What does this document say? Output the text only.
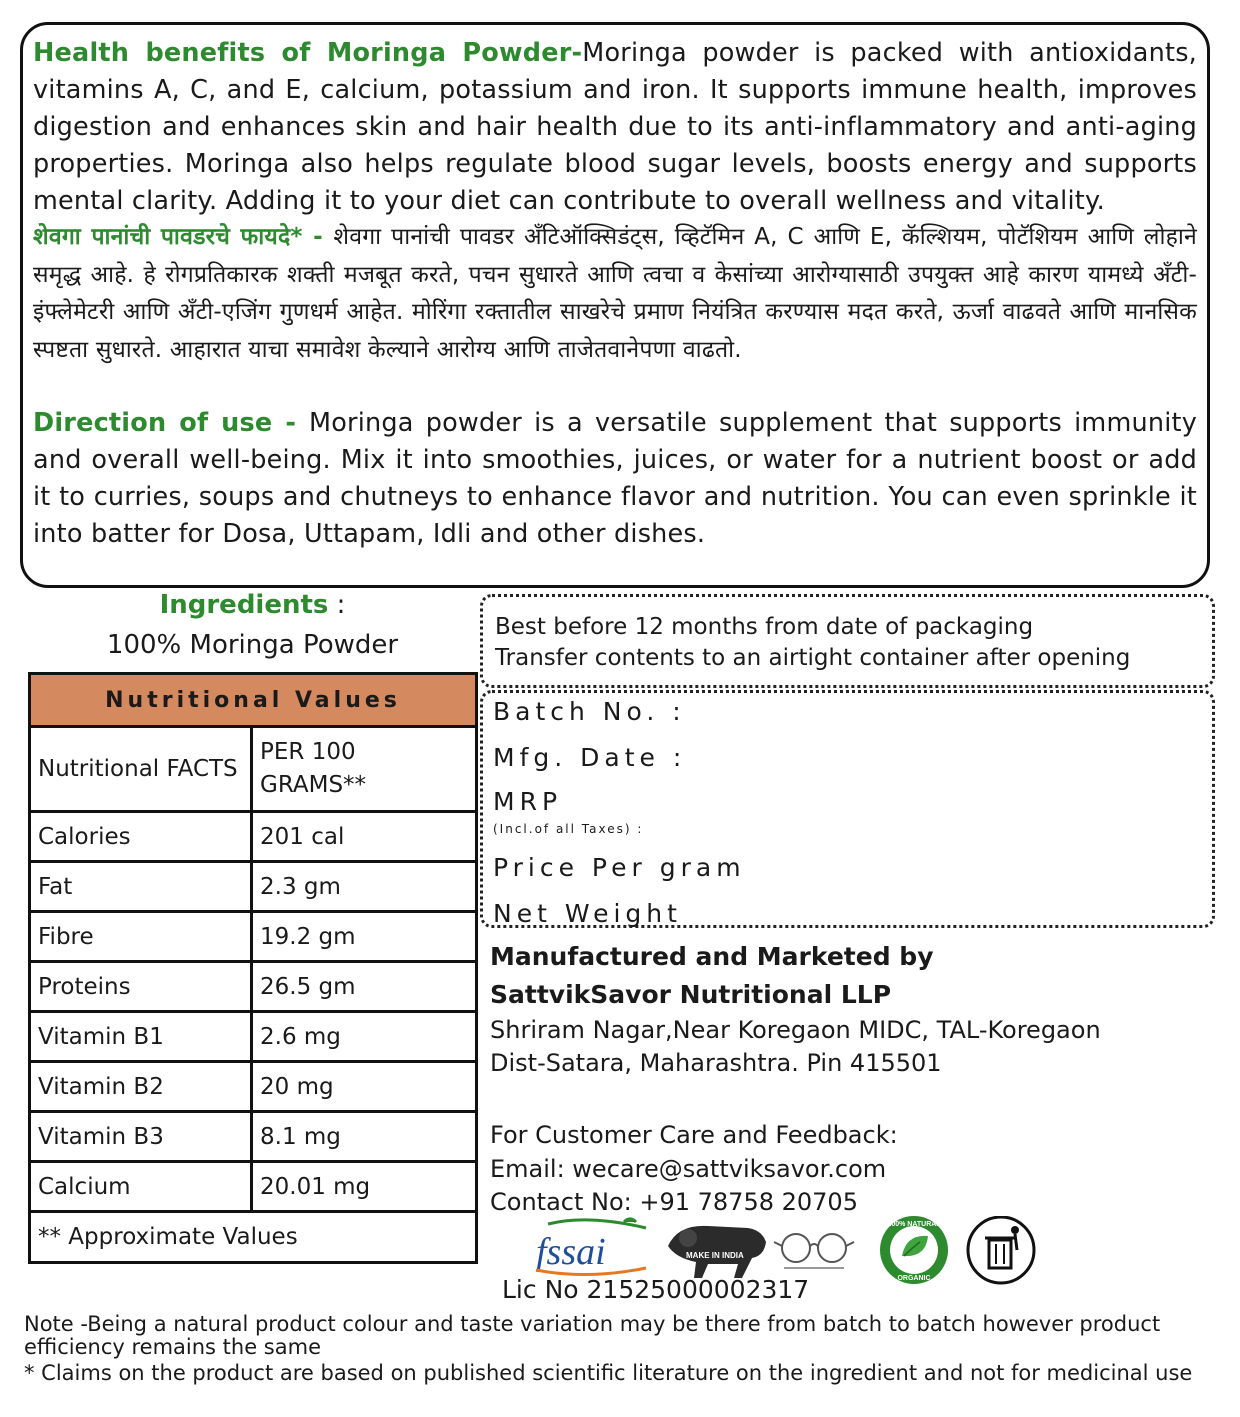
Health benefits of Moringa Powder-Moringa powder is packed with antioxidants, vitamins A, C, and E, calcium, potassium and iron. It supports immune health, improves digestion and enhances skin and hair health due to its anti-inflammatory and anti-aging properties. Moringa also helps regulate blood sugar levels, boosts energy and supports mental clarity. Adding it to your diet can contribute to overall wellness and vitality.
शेवगा पानांची पावडरचे फायदे* - शेवगा पानांची पावडर अँटिऑक्सिडंट्स, व्हिटॅमिन A, C आणि E, कॅल्शियम, पोटॅशियम आणि लोहाने समृद्ध आहे. हे रोगप्रतिकारक शक्ती मजबूत करते, पचन सुधारते आणि त्वचा व केसांच्या आरोग्यासाठी उपयुक्त आहे कारण यामध्ये अँटी-इंफ्लेमेटरी आणि अँटी-एजिंग गुणधर्म आहेत. मोरिंगा रक्तातील साखरेचे प्रमाण नियंत्रित करण्यास मदत करते, ऊर्जा वाढवते आणि मानसिक स्पष्टता सुधारते. आहारात याचा समावेश केल्याने आरोग्य आणि ताजेतवानेपणा वाढतो.
Direction of use - Moringa powder is a versatile supplement that supports immunity and overall well-being. Mix it into smoothies, juices, or water for a nutrient boost or add it to curries, soups and chutneys to enhance flavor and nutrition. You can even sprinkle it into batter for Dosa, Uttapam, Idli and other dishes.
Ingredients :
100% Moringa Powder
Nutritional Values	
Nutritional FACTS	PER 100 GRAMS**
Calories	201 cal
Fat	2.3 gm
Fibre	19.2 gm
Proteins	26.5 gm
Vitamin B1	2.6 mg
Vitamin B2	20 mg
Vitamin B3	8.1 mg
Calcium	20.01 mg
** Approximate Values	
Best before 12 months from date of packaging
Transfer contents to an airtight container after opening
Batch No. :
Mfg. Date :
MRP
(Incl.of all Taxes) :
Price Per gram
Net Weight
Manufactured and Marketed by
SattvikSavor Nutritional LLP
Shriram Nagar,Near Koregaon MIDC, TAL-Koregaon
Dist-Satara, Maharashtra. Pin 415501
For Customer Care and Feedback:
Email: wecare@sattviksavor.com
Contact No: +91 78758 20705
fssai	MAKE IN INDIA
100% NATURAL
ORGANIC
Lic No 21525000002317
Note -Being a natural product colour and taste variation may be there from batch to batch however product efficiency remains the same
* Claims on the product are based on published scientific literature on the ingredient and not for medicinal use
